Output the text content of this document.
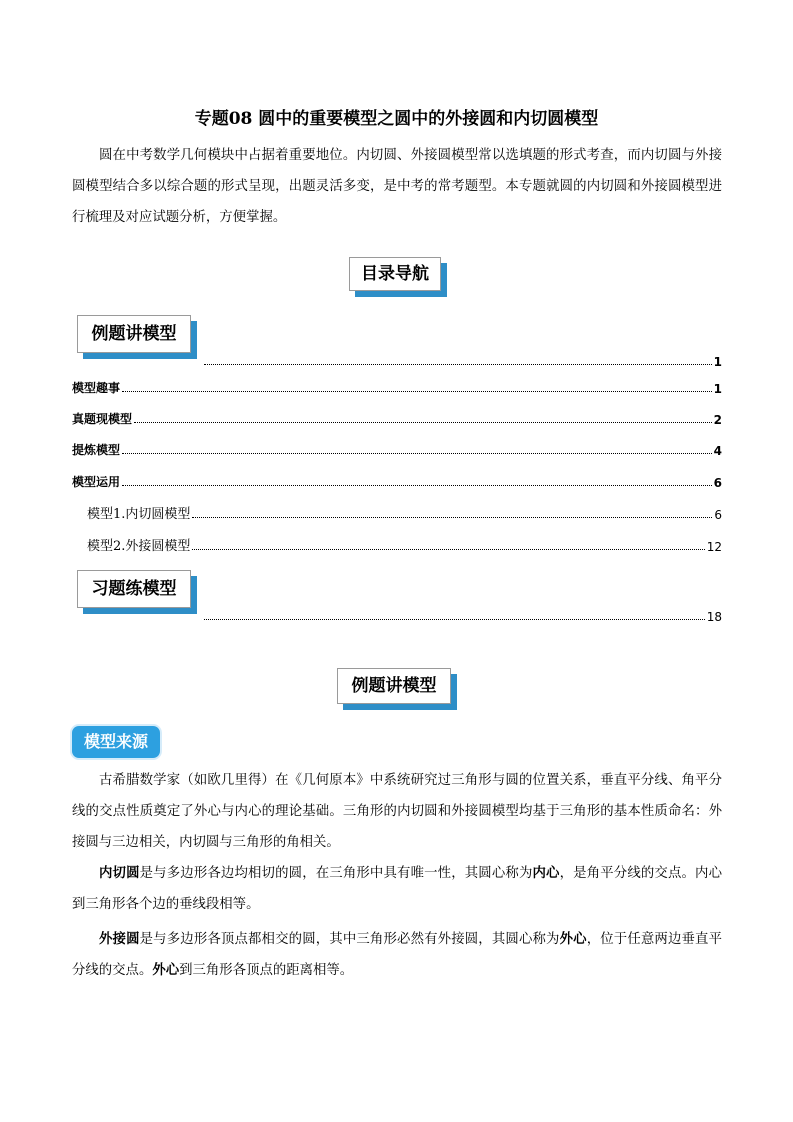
专题08 圆中的重要模型之圆中的外接圆和内切圆模型

圆在中考数学几何模块中占据着重要地位。内切圆、外接圆模型常以选填题的形式考查，而内切圆与外接圆模型结合多以综合题的形式呈现，出题灵活多变，是中考的常考题型。本专题就圆的内切圆和外接圆模型进行梳理及对应试题分析，方便掌握。

目录导航
例题讲模型
1
模型趣事	1
真题现模型	2
提炼模型	4
模型运用	6
模型1.内切圆模型	6
模型2.外接圆模型	12
习题练模型
18
例题讲模型
模型来源

古希腊数学家（如欧几里得）在《几何原本》中系统研究过三角形与圆的位置关系，垂直平分线、角平分线的交点性质奠定了外心与内心的理论基础。三角形的内切圆和外接圆模型均基于三角形的基本性质命名：外接圆与三边相关，内切圆与三角形的角相关。

内切圆是与多边形各边均相切的圆，在三角形中具有唯一性，其圆心称为内心，是角平分线的交点。内心到三角形各个边的垂线段相等。

外接圆是与多边形各顶点都相交的圆，其中三角形必然有外接圆，其圆心称为外心，位于任意两边垂直平分线的交点。外心到三角形各顶点的距离相等。
